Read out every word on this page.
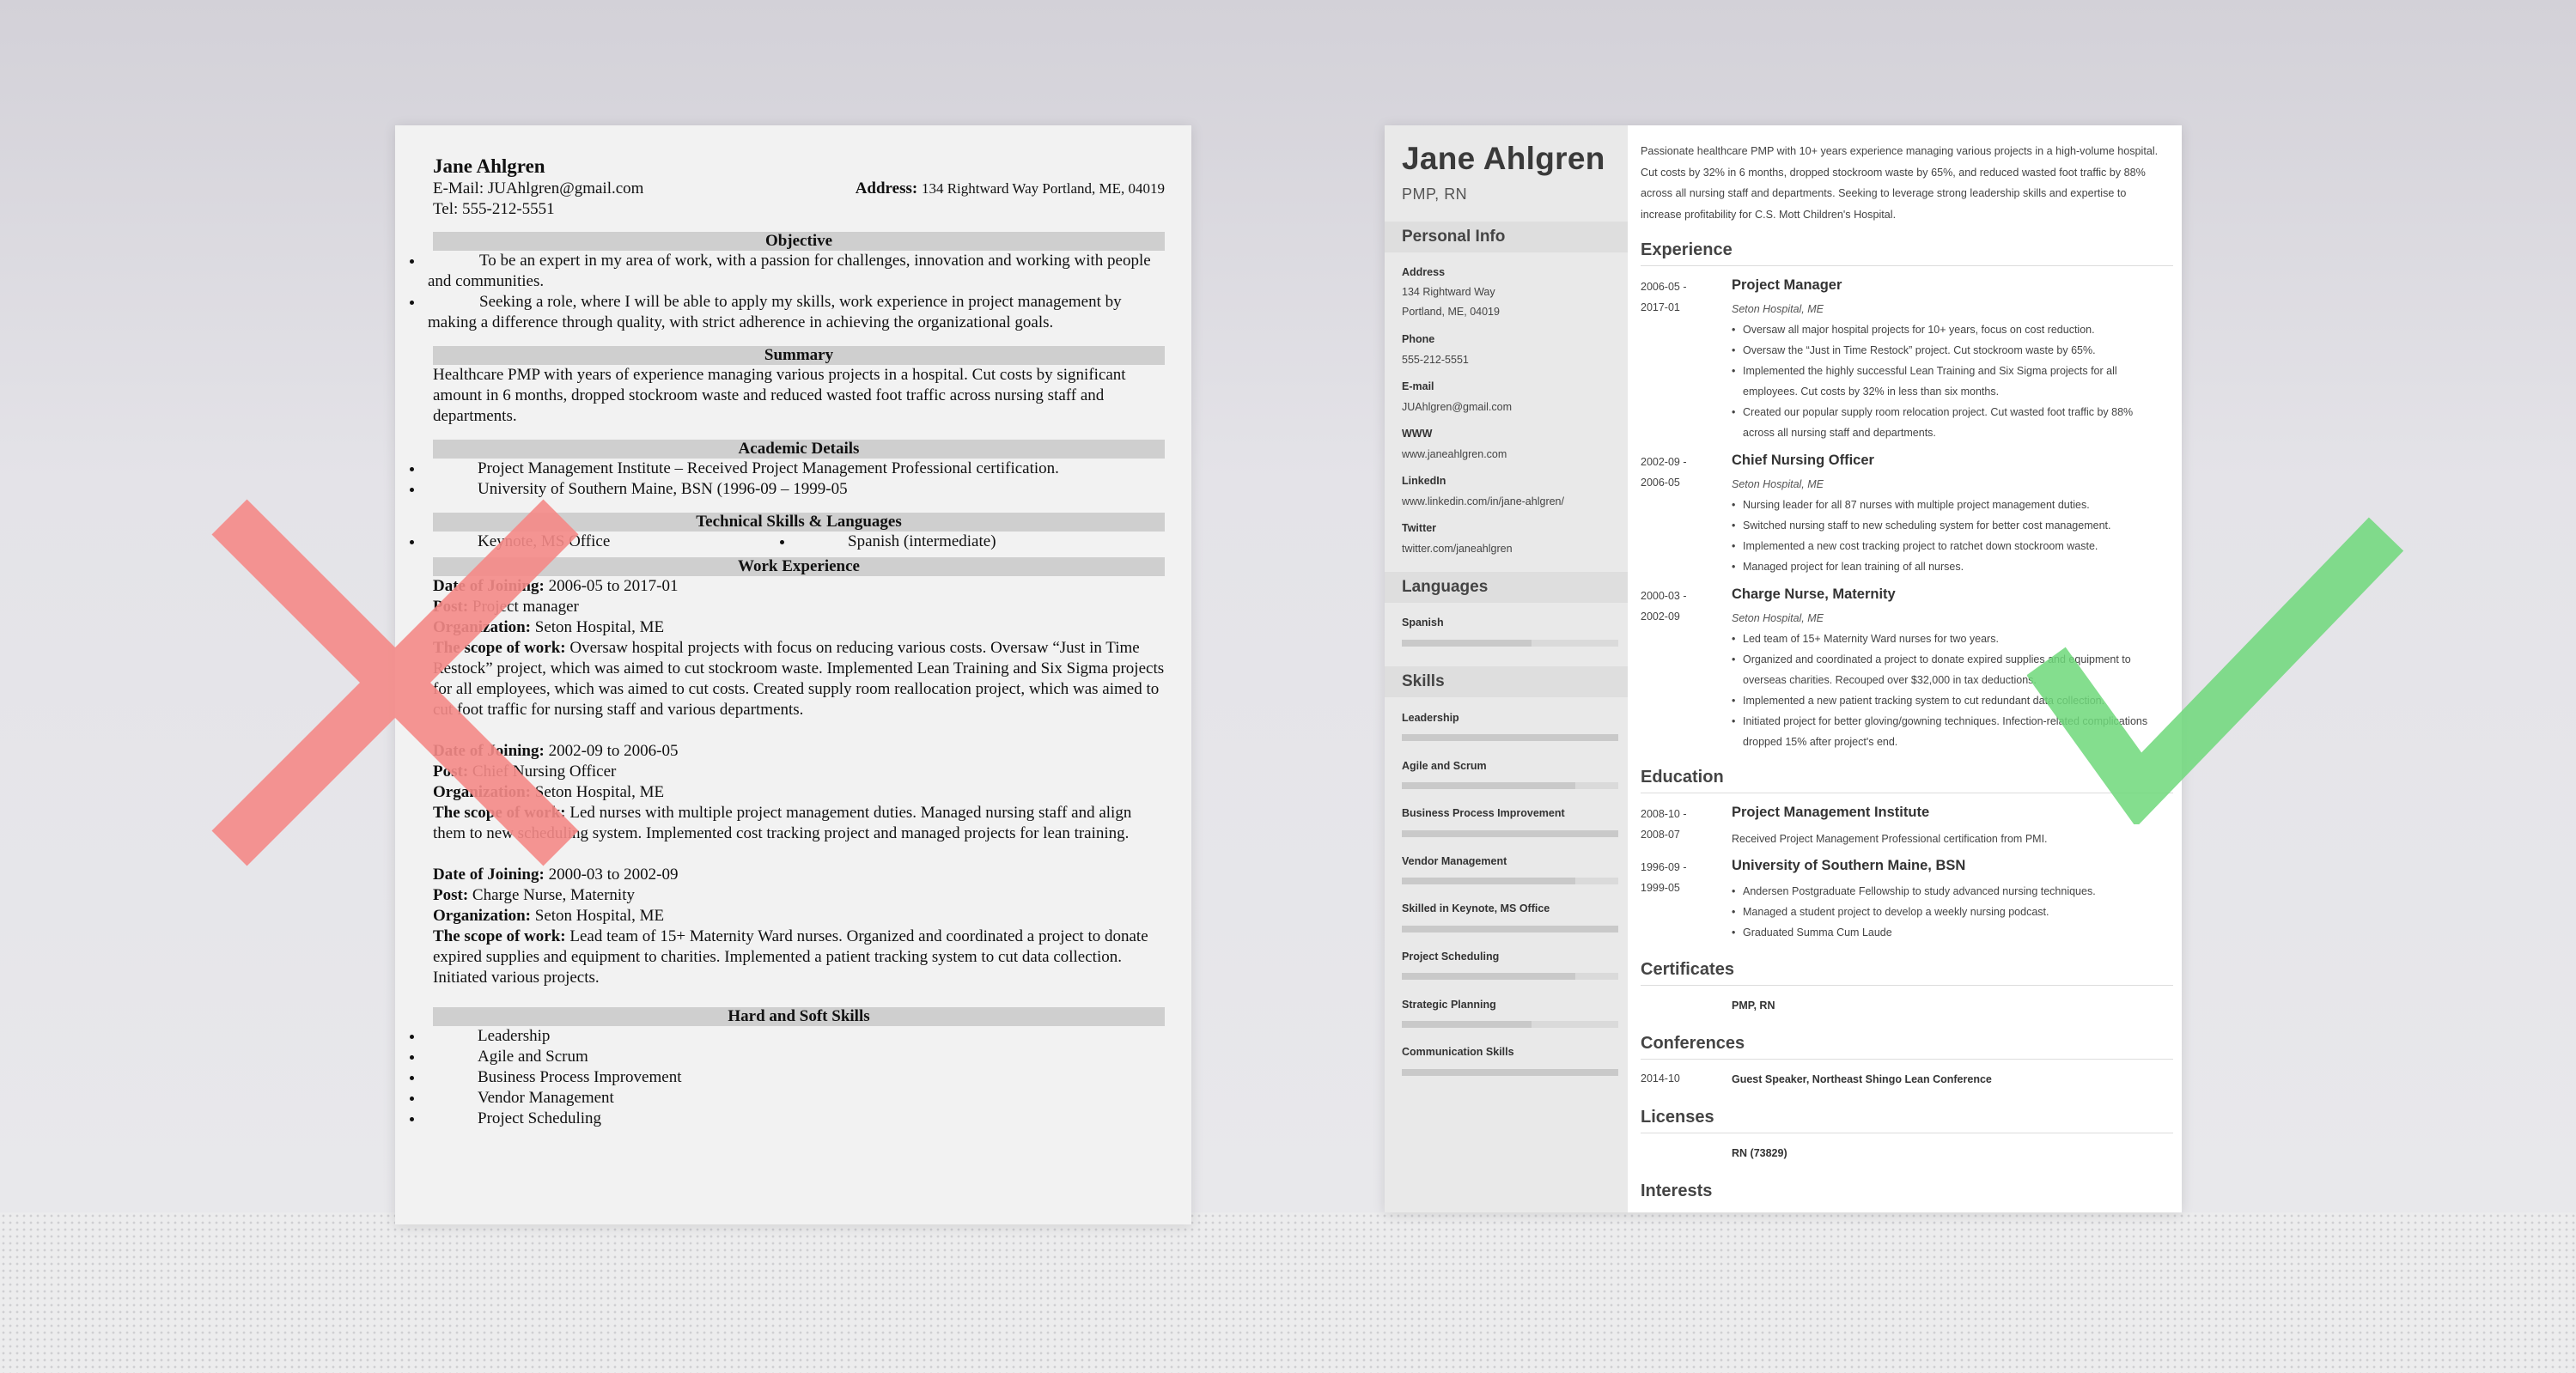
Jane Ahlgren
E-Mail: JUAhlgren@gmail.com	Address: 134 Rightward Way Portland, ME, 04019
Tel: 555-212-5551
Objective
• To be an expert in my area of work, with a passion for challenges, innovation and working with people and communities.
• Seeking a role, where I will be able to apply my skills, work experience in project management by making a difference through quality, with strict adherence in achieving the organizational goals.
Summary
Healthcare PMP with years of experience managing various projects in a hospital. Cut costs by significant amount in 6 months, dropped stockroom waste and reduced wasted foot traffic across nursing staff and departments.
Academic Details
• Project Management Institute – Received Project Management Professional certification.
• University of Southern Maine, BSN (1996-09 – 1999-05
Technical Skills & Languages
• Keynote, MS Office
•	Spanish (intermediate)
Work Experience
Date of Joining: 2006-05 to 2017-01
Post: Project manager
Organization: Seton Hospital, ME
The scope of work: Oversaw hospital projects with focus on reducing various costs. Oversaw “Just in Time Restock” project, which was aimed to cut stockroom waste. Implemented Lean Training and Six Sigma projects for all employees, which was aimed to cut costs. Created supply room reallocation project, which was aimed to cut foot traffic for nursing staff and various departments.
Date of Joining: 2002-09 to 2006-05
Post: Chief Nursing Officer
Organization: Seton Hospital, ME
The scope of work: Led nurses with multiple project management duties. Managed nursing staff and align them to new scheduling system. Implemented cost tracking project and managed projects for lean training.
Date of Joining: 2000-03 to 2002-09
Post: Charge Nurse, Maternity
Organization: Seton Hospital, ME
The scope of work: Lead team of 15+ Maternity Ward nurses. Organized and coordinated a project to donate expired supplies and equipment to charities. Implemented a patient tracking system to cut data collection. Initiated various projects.
Hard and Soft Skills
• Leadership
• Agile and Scrum
• Business Process Improvement
• Vendor Management
• Project Scheduling
Jane Ahlgren
PMP, RN
Personal Info
Address
134 Rightward Way
Portland, ME, 04019
Phone
555-212-5551
E-mail
JUAhlgren@gmail.com
WWW
www.janeahlgren.com
LinkedIn
www.linkedin.com/in/jane-ahlgren/
Twitter
twitter.com/janeahlgren
Languages
Spanish
Skills
Leadership
Agile and Scrum
Business Process Improvement
Vendor Management
Skilled in Keynote, MS Office
Project Scheduling
Strategic Planning
Communication Skills
Passionate healthcare PMP with 10+ years experience managing various projects in a high-volume hospital. Cut costs by 32% in 6 months, dropped stockroom waste by 65%, and reduced wasted foot traffic by 88% across all nursing staff and departments. Seeking to leverage strong leadership skills and expertise to increase profitability for C.S. Mott Children's Hospital.
Experience
2006-05 -
2017-01
Project Manager
Seton Hospital, ME
• Oversaw all major hospital projects for 10+ years, focus on cost reduction.
• Oversaw the “Just in Time Restock” project. Cut stockroom waste by 65%.
• Implemented the highly successful Lean Training and Six Sigma projects for all employees. Cut costs by 32% in less than six months.
• Created our popular supply room relocation project. Cut wasted foot traffic by 88% across all nursing staff and departments.
2002-09 -
2006-05
Chief Nursing Officer
Seton Hospital, ME
• Nursing leader for all 87 nurses with multiple project management duties.
• Switched nursing staff to new scheduling system for better cost management.
• Implemented a new cost tracking project to ratchet down stockroom waste.
• Managed project for lean training of all nurses.
2000-03 -
2002-09
Charge Nurse, Maternity
Seton Hospital, ME
• Led team of 15+ Maternity Ward nurses for two years.
• Organized and coordinated a project to donate expired supplies and equipment to overseas charities. Recouped over $32,000 in tax deductions.
• Implemented a new patient tracking system to cut redundant data collection.
• Initiated project for better gloving/gowning techniques. Infection-related complications dropped 15% after project's end.
Education
2008-10 -
2008-07
Project Management Institute
Received Project Management Professional certification from PMI.
1996-09 -
1999-05
University of Southern Maine, BSN
• Andersen Postgraduate Fellowship to study advanced nursing techniques.
• Managed a student project to develop a weekly nursing podcast.
• Graduated Summa Cum Laude
Certificates
PMP, RN
Conferences
2014-10	Guest Speaker, Northeast Shingo Lean Conference
Licenses
RN (73829)
Interests
